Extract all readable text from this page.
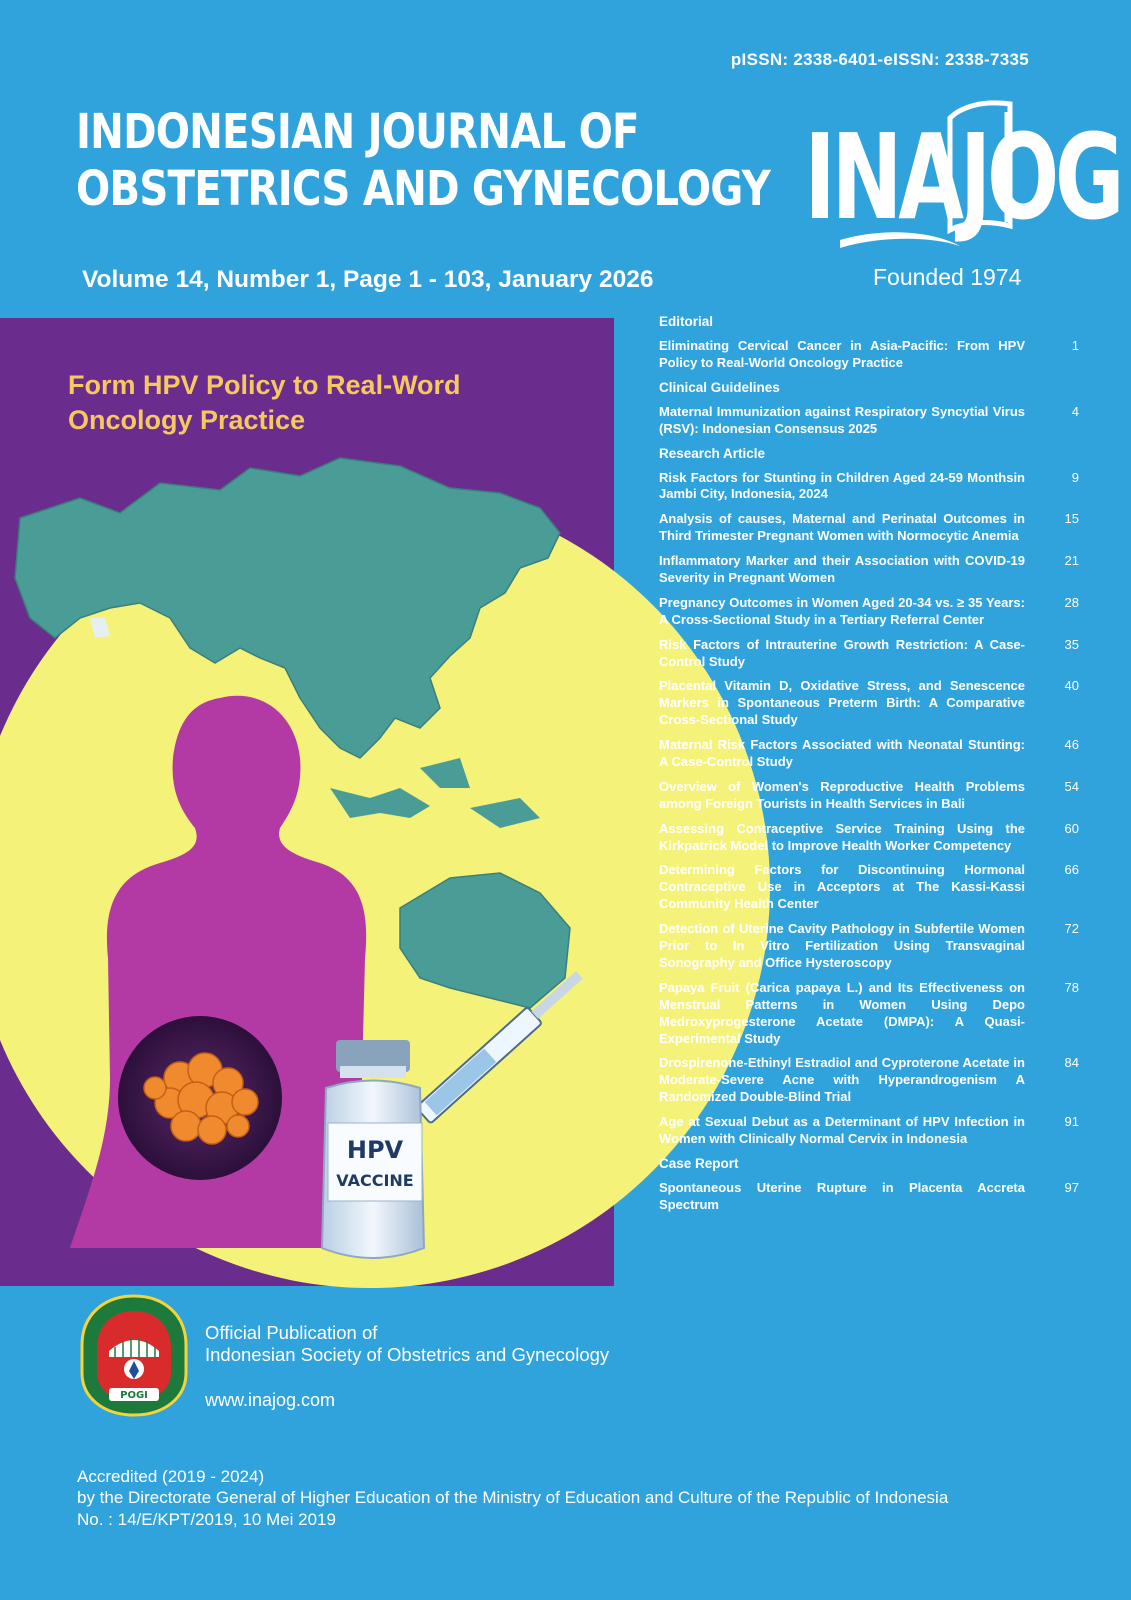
pISSN: 2338-6401-eISSN: 2338-7335
INDONESIAN JOURNAL OF
OBSTETRICS AND GYNECOLOGY
Volume 14, Number 1, Page 1 - 103, January 2026
INAJOG
Founded 1974
HPV
VACCINE
Form HPV Policy to Real-Word Oncology Practice
Editorial
Eliminating Cervical Cancer in Asia-Pacific: From HPV Policy to Real-World Oncology Practice
1
Clinical Guidelines
Maternal Immunization against Respiratory Syncytial Virus (RSV): Indonesian Consensus 2025
4
Research Article
Risk Factors for Stunting in Children Aged 24-59 Monthsin Jambi City, Indonesia, 2024
9
Analysis of causes, Maternal and Perinatal Outcomes in Third Trimester Pregnant Women with Normocytic Anemia
15
Inflammatory Marker and their Association with COVID-19 Severity in Pregnant Women
21
Pregnancy Outcomes in Women Aged 20-34 vs. ≥ 35 Years: A Cross-Sectional Study in a Tertiary Referral Center
28
Risk Factors of Intrauterine Growth Restriction: A Case-Control Study
35
Placental Vitamin D, Oxidative Stress, and Senescence Markers in Spontaneous Preterm Birth: A Comparative Cross-Sectional Study
40
Maternal Risk Factors Associated with Neonatal Stunting: A Case-Control Study
46
Overview of Women's Reproductive Health Problems among Foreign Tourists in Health Services in Bali
54
Assessing Contraceptive Service Training Using the Kirkpatrick Model to Improve Health Worker Competency
60
Determining Factors for Discontinuing Hormonal Contraceptive Use in Acceptors at The Kassi-Kassi Community Health Center
66
Detection of Uterine Cavity Pathology in Subfertile Women Prior to In Vitro Fertilization Using Transvaginal Sonography and Office Hysteroscopy
72
Papaya Fruit (Carica papaya L.) and Its Effectiveness on Menstrual Patterns in Women Using Depo Medroxyprogesterone Acetate (DMPA): A Quasi-Experimental Study
78
Drospirenone-Ethinyl Estradiol and Cyproterone Acetate in Moderate-Severe Acne with Hyperandrogenism A Randomized Double-Blind Trial
84
Age at Sexual Debut as a Determinant of HPV Infection in Women with Clinically Normal Cervix in Indonesia
91
Case Report
Spontaneous Uterine Rupture in Placenta Accreta Spectrum
97
POGI
Official Publication of
Indonesian Society of Obstetrics and Gynecology
www.inajog.com
Accredited (2019 - 2024)
by the Directorate General of Higher Education of the Ministry of Education and Culture of the Republic of Indonesia
No. : 14/E/KPT/2019, 10 Mei 2019
